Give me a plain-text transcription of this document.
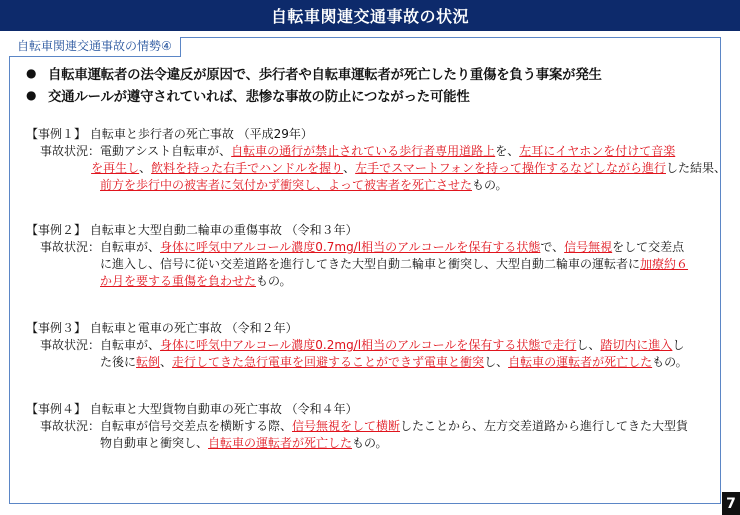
自転車関連交通事故の状況
自転車関連交通事故の情勢④
● 自転車運転者の法令違反が原因で、歩行者や自転車運転者が死亡したり重傷を負う事案が発生
● 交通ルールが遵守されていれば、悲惨な事故の防止につながった可能性
【事例１】 自転車と歩行者の死亡事故 （平成29年）
事故状況： 電動アシスト自転車が、 自転車の通行が禁止されている歩行者専用道路上 を、 左耳にイヤホンを付けて音楽
を再生し 、 飲料を持った右手でハンドルを握り 、 左手でスマートフォンを持って操作するなどしながら進行 した結果、
前方を歩行中の被害者に気付かず衝突し、よって被害者を死亡させた もの。
【事例２】 自転車と大型自動二輪車の重傷事故 （令和３年）
事故状況： 自転車が、 身体に呼気中アルコール濃度0.7mg/l相当のアルコールを保有する状態 で、 信号無視 をして交差点
に進入し、信号に従い交差道路を進行してきた大型自動二輪車と衝突し、大型自動二輪車の運転者に 加療約６
か月を要する重傷を負わせた もの。
【事例３】 自転車と電車の死亡事故 （令和２年）
事故状況： 自転車が、 身体に呼気中アルコール濃度0.2mg/l相当のアルコールを保有する状態で走行 し、 踏切内に進入 し
た後に 転倒 、 走行してきた急行電車を回避することができず電車と衝突 し、 自転車の運転者が死亡した もの。
【事例４】 自転車と大型貨物自動車の死亡事故 （令和４年）
事故状況： 自転車が信号交差点を横断する際、 信号無視をして横断 したことから、左方交差道路から進行してきた大型貨
物自動車と衝突し、 自転車の運転者が死亡した もの。
7
